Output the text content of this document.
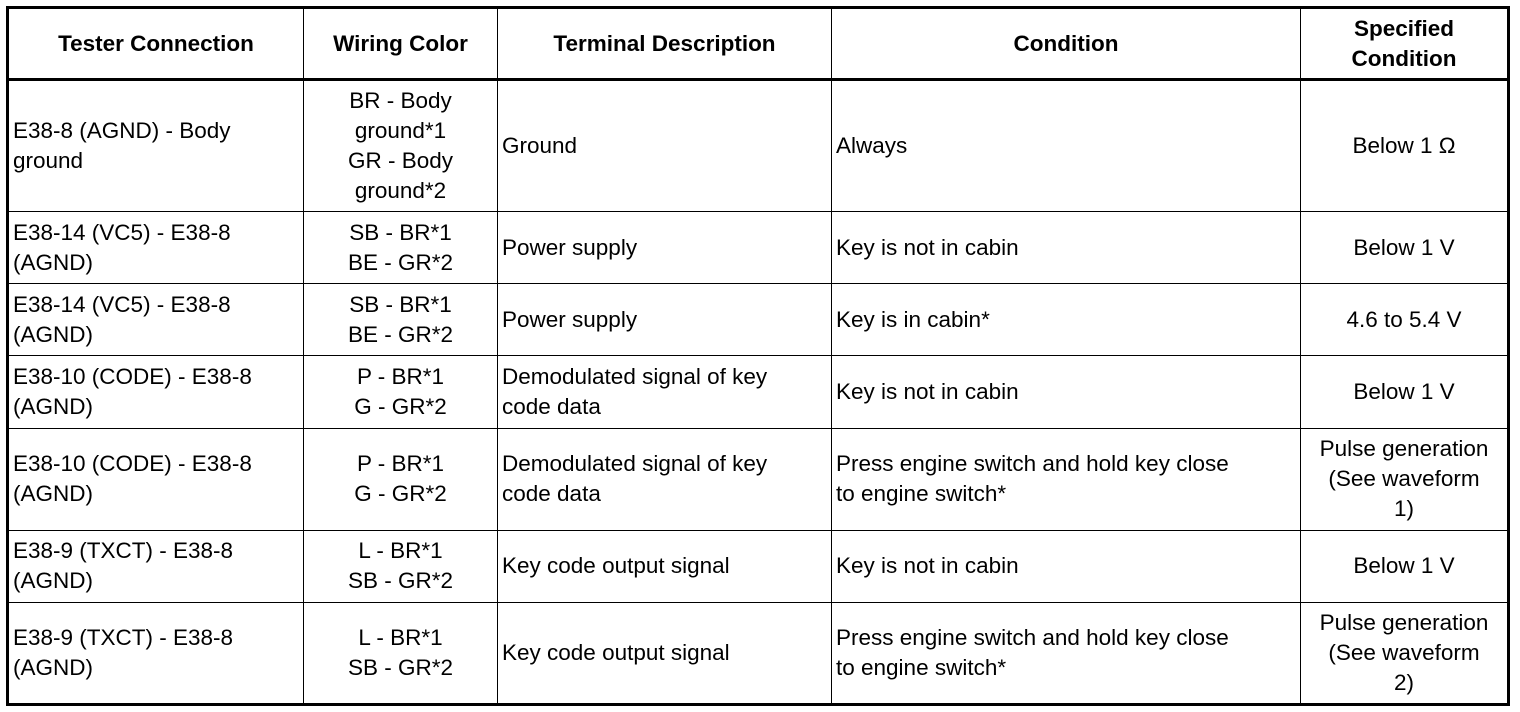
Tester Connection	Wiring Color	Terminal Description	Condition	Specified
Condition

E38-8 (AGND) - Body
ground	BR - Body
ground*1
GR - Body
ground*2	Ground	Always	Below 1 Ω

E38-14 (VC5) - E38-8
(AGND)	SB - BR*1
BE - GR*2	Power supply	Key is not in cabin	Below 1 V

E38-14 (VC5) - E38-8
(AGND)	SB - BR*1
BE - GR*2	Power supply	Key is in cabin*	4.6 to 5.4 V

E38-10 (CODE) - E38-8
(AGND)	P - BR*1
G - GR*2	Demodulated signal of key
code data	Key is not in cabin	Below 1 V

E38-10 (CODE) - E38-8
(AGND)	P - BR*1
G - GR*2	Demodulated signal of key
code data	Press engine switch and hold key close
to engine switch*	Pulse generation
(See waveform
1)

E38-9 (TXCT) - E38-8
(AGND)	L - BR*1
SB - GR*2	Key code output signal	Key is not in cabin	Below 1 V

E38-9 (TXCT) - E38-8
(AGND)	L - BR*1
SB - GR*2	Key code output signal	Press engine switch and hold key close
to engine switch*	Pulse generation
(See waveform
2)
